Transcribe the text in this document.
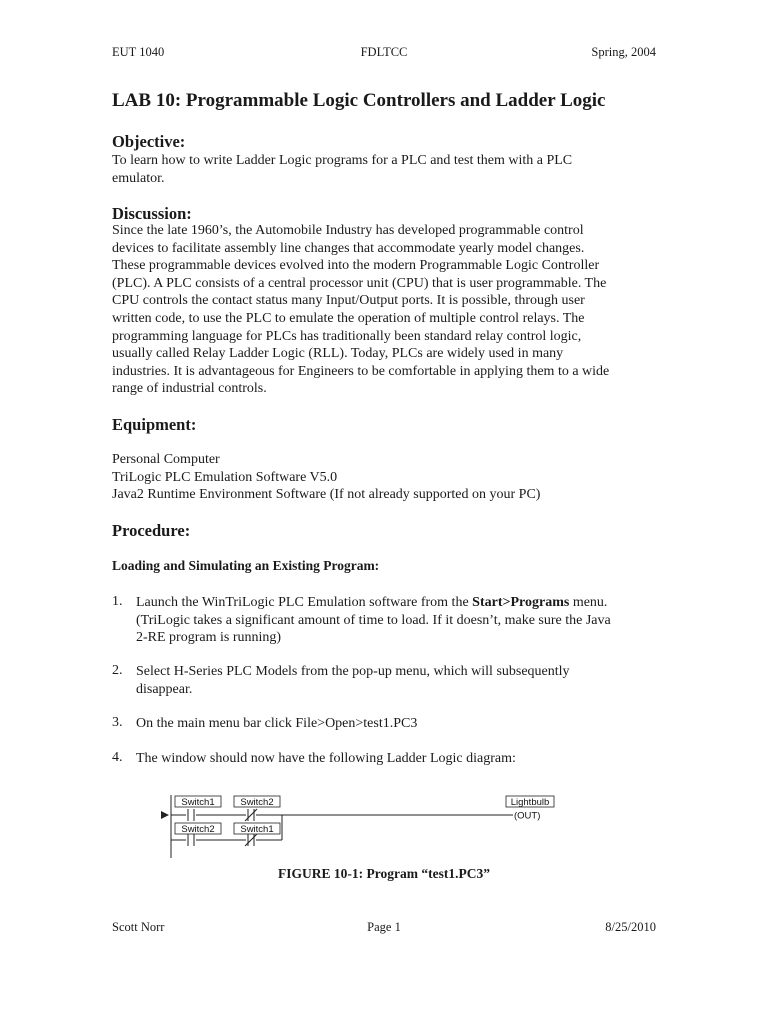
EUT 1040	FDLTCC	Spring, 2004
LAB 10: Programmable Logic Controllers and Ladder Logic
Objective:
To learn how to write Ladder Logic programs for a PLC and test them with a PLC
emulator.
Discussion:
Since the late 1960’s, the Automobile Industry has developed programmable control
devices to facilitate assembly line changes that accommodate yearly model changes.
These programmable devices evolved into the modern Programmable Logic Controller
(PLC). A PLC consists of a central processor unit (CPU) that is user programmable. The
CPU controls the contact status many Input/Output ports. It is possible, through user
written code, to use the PLC to emulate the operation of multiple control relays. The
programming language for PLCs has traditionally been standard relay control logic,
usually called Relay Ladder Logic (RLL). Today, PLCs are widely used in many
industries. It is advantageous for Engineers to be comfortable in applying them to a wide
range of industrial controls.
Equipment:
Personal Computer
TriLogic PLC Emulation Software V5.0
Java2 Runtime Environment Software (If not already supported on your PC)
Procedure:
Loading and Simulating an Existing Program:
1. Launch the WinTriLogic PLC Emulation software from the Start>Programs menu.
(TriLogic takes a significant amount of time to load. If it doesn’t, make sure the Java
2-RE program is running)
2. Select H-Series PLC Models from the pop-up menu, which will subsequently
disappear.
3. On the main menu bar click File>Open>test1.PC3
4. The window should now have the following Ladder Logic diagram:
Switch1	Switch2
Switch2	Switch1
Lightbulb
(OUT)
FIGURE 10-1: Program “test1.PC3”
Scott Norr	Page 1	8/25/2010
